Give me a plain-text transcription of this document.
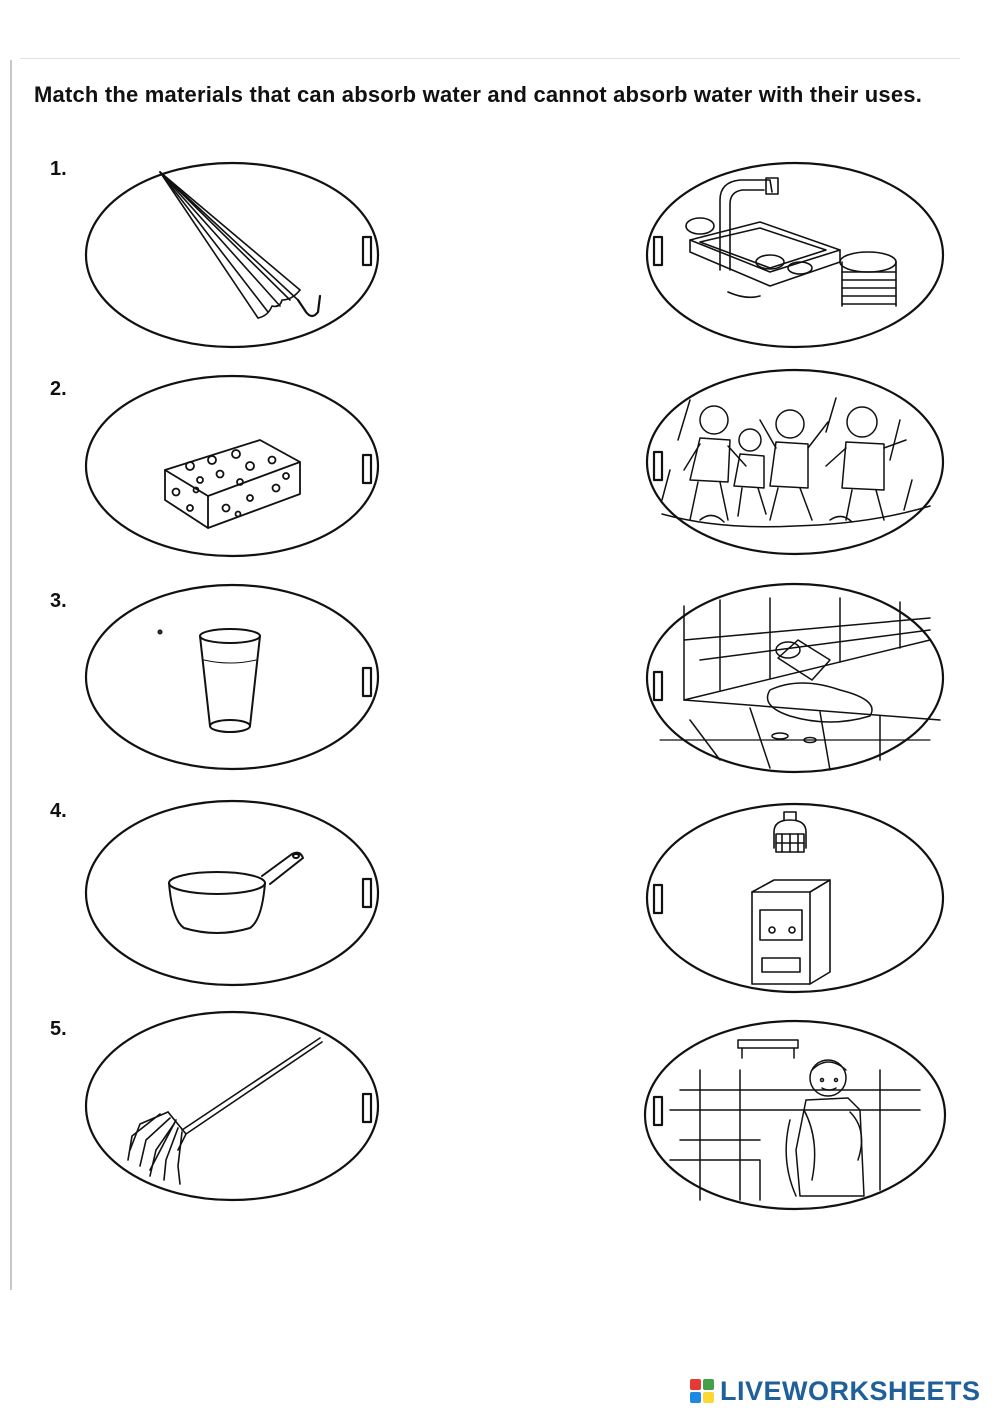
Match the materials that can absorb water and cannot absorb water with their uses.
1.
2.
3.
4.
5.
LIVEWORKSHEETS
